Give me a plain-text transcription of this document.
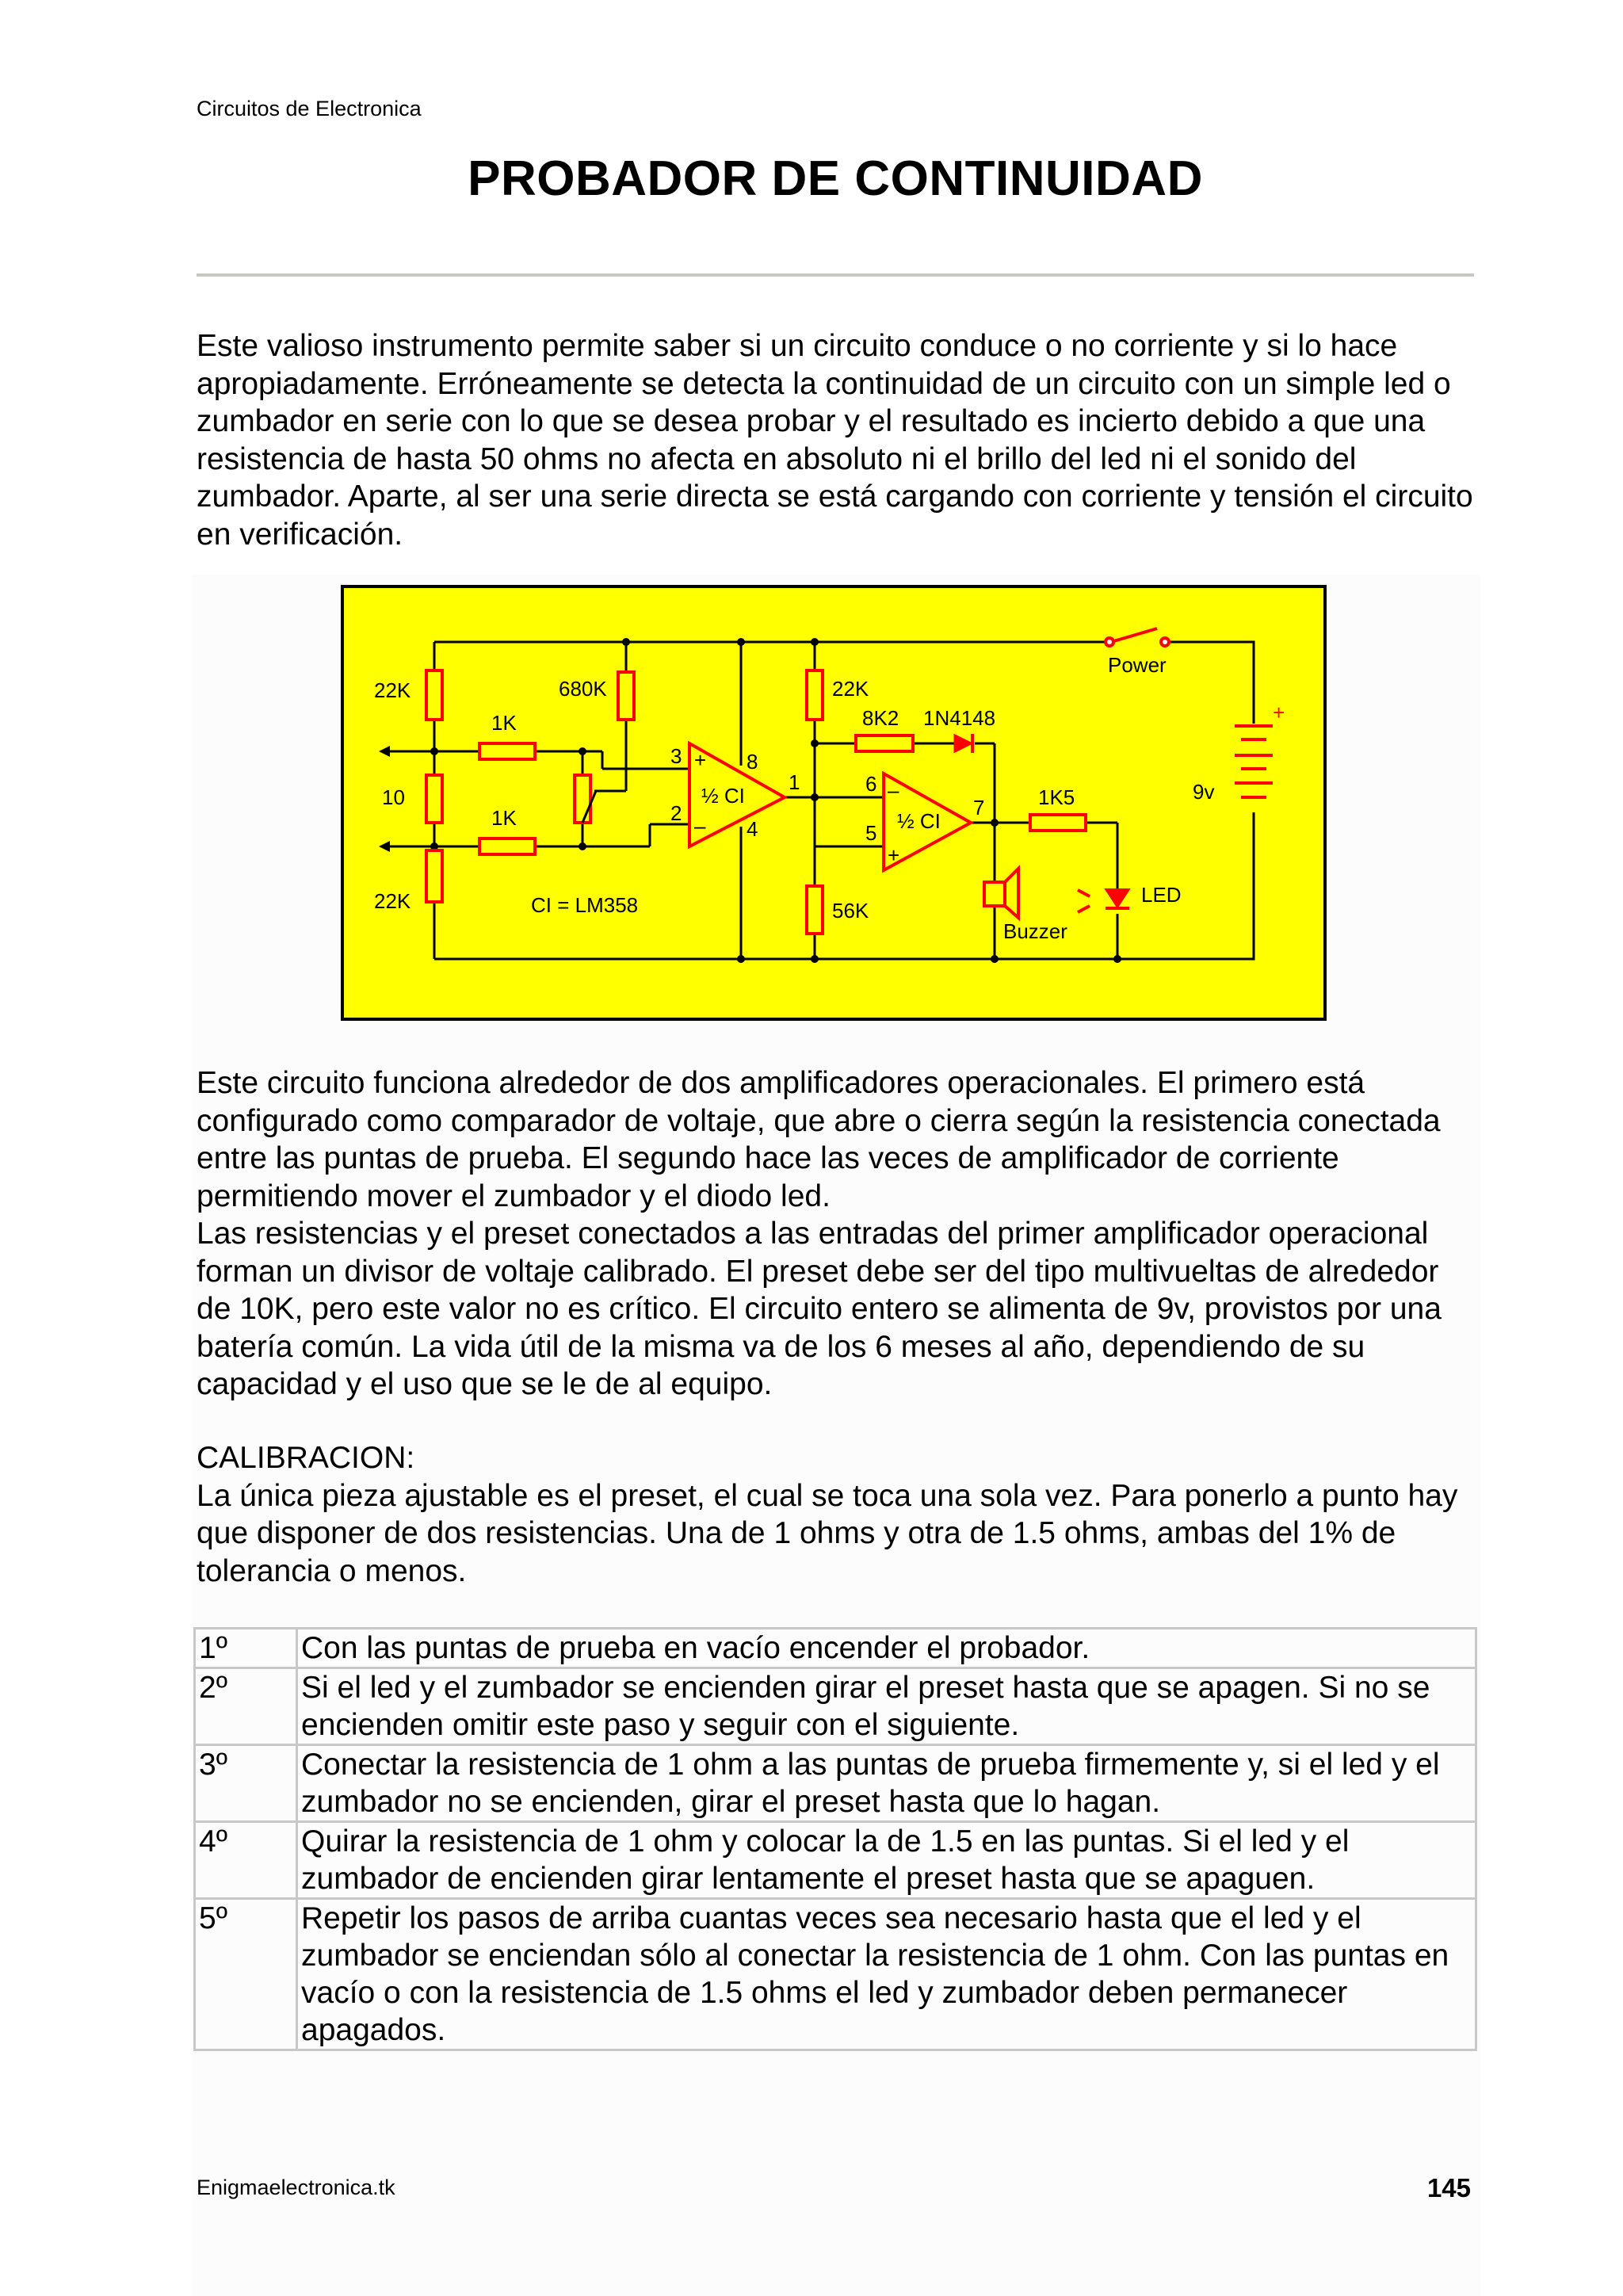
Circuitos de Electronica
PROBADOR DE CONTINUIDAD

Este valioso instrumento permite saber si un circuito conduce o no corriente y si lo hace apropiadamente. Erróneamente se detecta la continuidad de un circuito con un simple led o zumbador en serie con lo que se desea probar y el resultado es incierto debido a que una resistencia de hasta 50 ohms no afecta en absoluto ni el brillo del led ni el sonido del zumbador. Aparte, al ser una serie directa se está cargando con corriente y tensión el circuito en verificación.

22K
10
22K
1K
1K
680K	22K
56K
8K2 1N4148
1K5	9v
+
Power
LED
Buzzer
CI = LM358
½ CI
½ CI
3
2
8
4
1	6
5
7
+
–
–
+
Este circuito funciona alrededor de dos amplificadores operacionales. El primero está configurado como comparador de voltaje, que abre o cierra según la resistencia conectada entre las puntas de prueba. El segundo hace las veces de amplificador de corriente permitiendo mover el zumbador y el diodo led.
Las resistencias y el preset conectados a las entradas del primer amplificador operacional forman un divisor de voltaje calibrado. El preset debe ser del tipo multivueltas de alrededor de 10K, pero este valor no es crítico. El circuito entero se alimenta de 9v, provistos por una batería común. La vida útil de la misma va de los 6 meses al año, dependiendo de su capacidad y el uso que se le de al equipo.
CALIBRACION:
La única pieza ajustable es el preset, el cual se toca una sola vez. Para ponerlo a punto hay que disponer de dos resistencias. Una de 1 ohms y otra de 1.5 ohms, ambas del 1% de tolerancia o menos.
1º	Con las puntas de prueba en vacío encender el probador.
2º	Si el led y el zumbador se encienden girar el preset hasta que se apagen. Si no se encienden omitir este paso y seguir con el siguiente.
3º	Conectar la resistencia de 1 ohm a las puntas de prueba firmemente y, si el led y el zumbador no se encienden, girar el preset hasta que lo hagan.
4º	Quirar la resistencia de 1 ohm y colocar la de 1.5 en las puntas. Si el led y el zumbador de encienden girar lentamente el preset hasta que se apaguen.
5º	Repetir los pasos de arriba cuantas veces sea necesario hasta que el led y el zumbador se enciendan sólo al conectar la resistencia de 1 ohm. Con las puntas en vacío o con la resistencia de 1.5 ohms el led y zumbador deben permanecer apagados.
Enigmaelectronica.tk	145
